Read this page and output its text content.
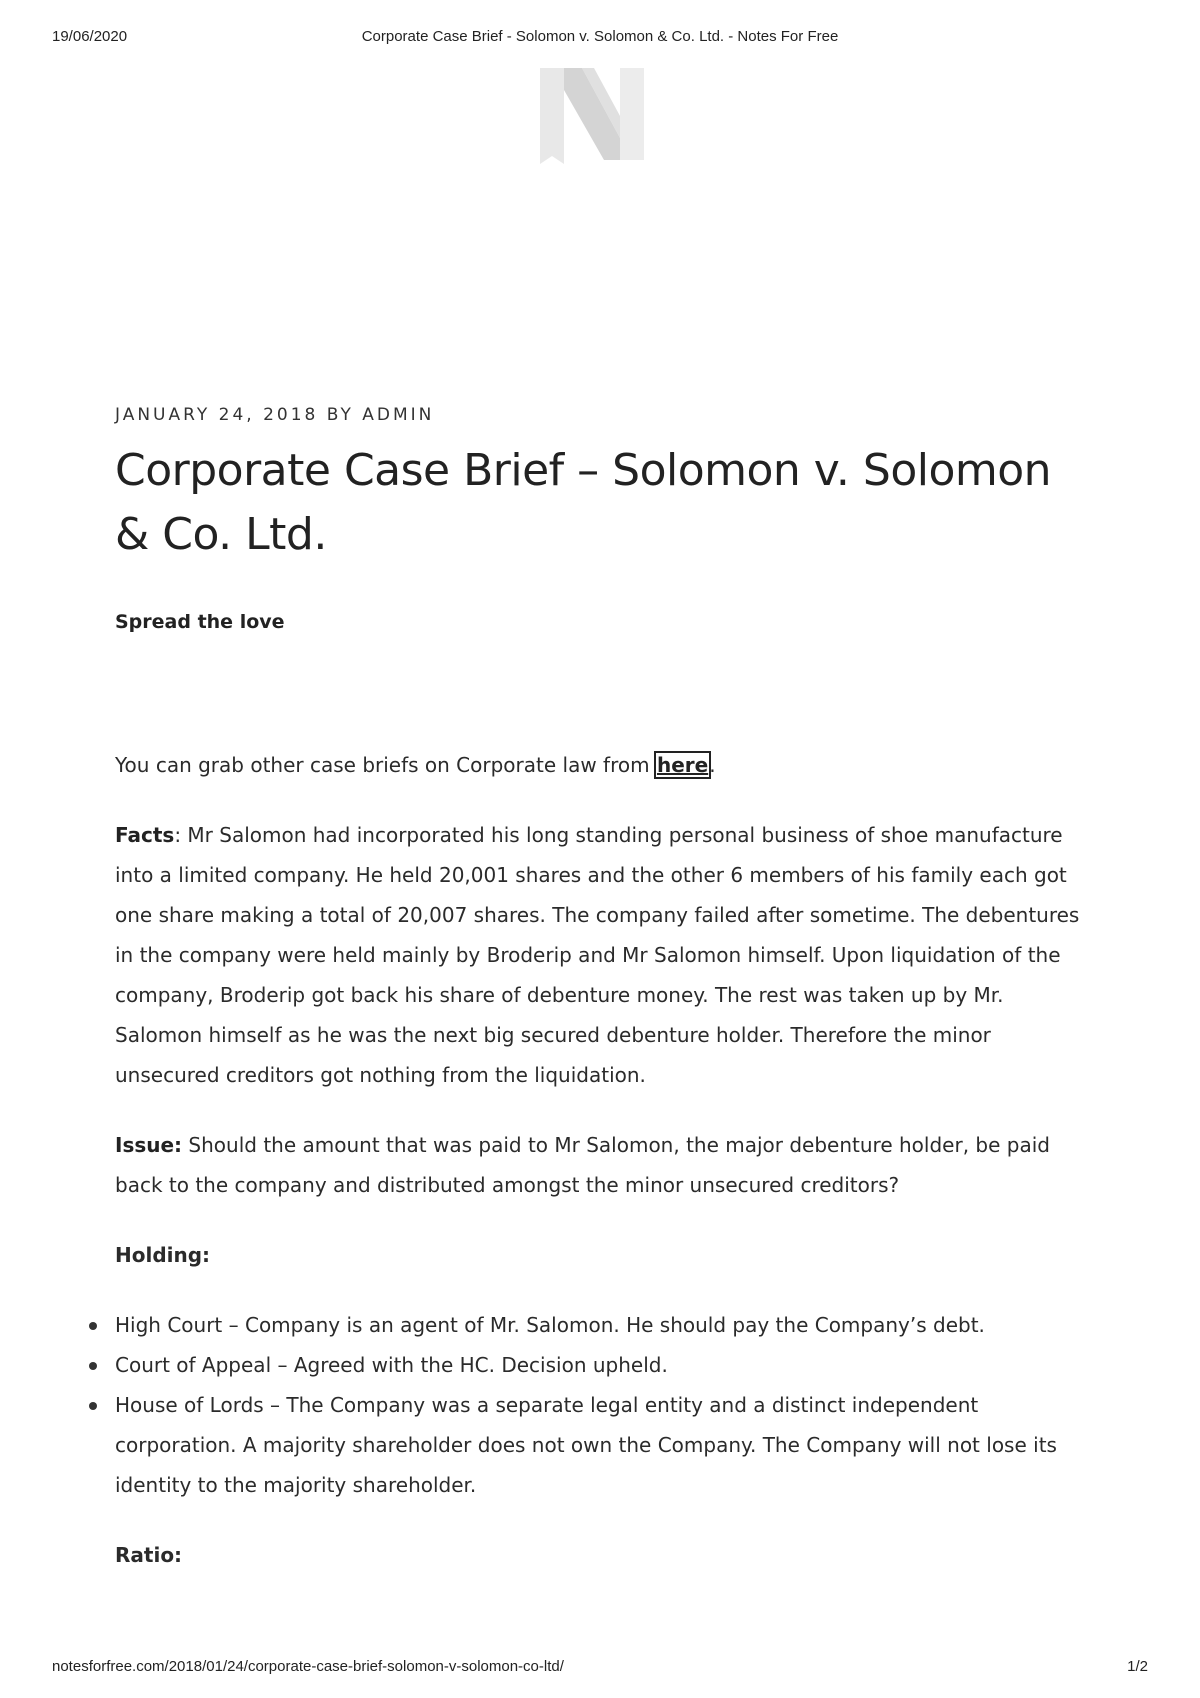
19/06/2020	Corporate Case Brief - Solomon v. Solomon & Co. Ltd. - Notes For Free
JANUARY 24, 2018 BY ADMIN
Corporate Case Brief – Solomon v. Solomon & Co. Ltd.
Spread the love

You can grab other case briefs on Corporate law from here.

Facts: Mr Salomon had incorporated his long standing personal business of shoe manufacture into a limited company. He held 20,001 shares and the other 6 members of his family each got one share making a total of 20,007 shares. The company failed after sometime. The debentures in the company were held mainly by Broderip and Mr Salomon himself. Upon liquidation of the company, Broderip got back his share of debenture money. The rest was taken up by Mr. Salomon himself as he was the next big secured debenture holder. Therefore the minor unsecured creditors got nothing from the liquidation.

Issue: Should the amount that was paid to Mr Salomon, the major debenture holder, be paid back to the company and distributed amongst the minor unsecured creditors?

Holding:

High Court – Company is an agent of Mr. Salomon. He should pay the Company’s debt.
Court of Appeal – Agreed with the HC. Decision upheld.
House of Lords – The Company was a separate legal entity and a distinct independent corporation. A majority shareholder does not own the Company. The Company will not lose its identity to the majority shareholder.

Ratio:

notesforfree.com/2018/01/24/corporate-case-brief-solomon-v-solomon-co-ltd/	1/2
